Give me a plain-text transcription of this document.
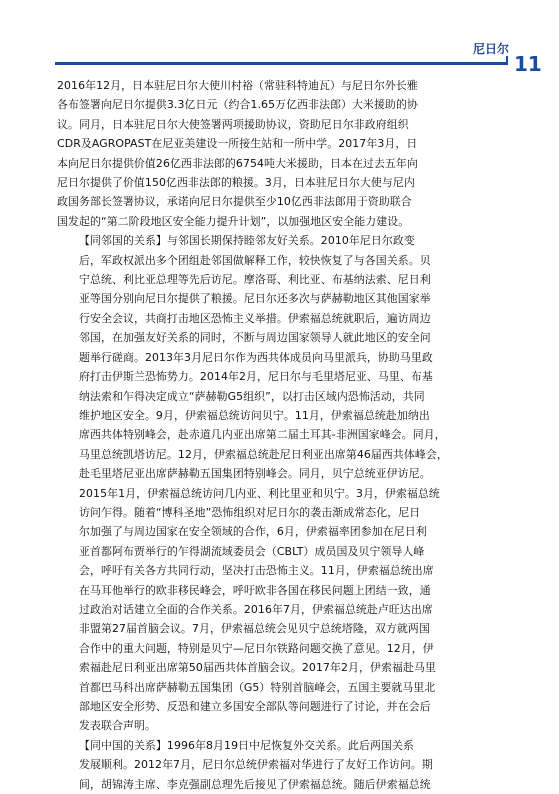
尼日尔
11

2016年12月，日本驻尼日尔大使川村裕（常驻科特迪瓦）与尼日尔外长雅
各布签署向尼日尔提供3.3亿日元（约合1.65万亿西非法郎）大米援助的协
议。同月，日本驻尼日尔大使签署两项援助协议，资助尼日尔非政府组织
CDR及AGROPAST在尼亚美建设一所接生站和一所中学。2017年3月，日
本向尼日尔提供价值26亿西非法郎的6754吨大米援助，日本在过去五年向
尼日尔提供了价值150亿西非法郎的粮援。3月，日本驻尼日尔大使与尼内
政国务部长签署协议，承诺向尼日尔提供至少10亿西非法郎用于资助联合
国发起的“第二阶段地区安全能力提升计划”，以加强地区安全能力建设。

【同邻国的关系】与邻国长期保持睦邻友好关系。2010年尼日尔政变
后，军政权派出多个团组赴邻国做解释工作，较快恢复了与各国关系。贝
宁总统、利比亚总理等先后访尼。摩洛哥、利比亚、布基纳法索、尼日利
亚等国分别向尼日尔提供了粮援。尼日尔还多次与萨赫勒地区其他国家举
行安全会议，共商打击地区恐怖主义举措。伊索福总统就职后，遍访周边
邻国，在加强友好关系的同时，不断与周边国家领导人就此地区的安全问
题举行磋商。2013年3月尼日尔作为西共体成员向马里派兵，协助马里政
府打击伊斯兰恐怖势力。2014年2月，尼日尔与毛里塔尼亚、马里、布基
纳法索和乍得决定成立“萨赫勒G5组织”，以打击区域内恐怖活动，共同
维护地区安全。9月，伊索福总统访问贝宁。11月，伊索福总统赴加纳出
席西共体特别峰会，赴赤道几内亚出席第二届土耳其-非洲国家峰会。同月，
马里总统凯塔访尼。12月，伊索福总统赴尼日利亚出席第46届西共体峰会，
赴毛里塔尼亚出席萨赫勒五国集团特别峰会。同月，贝宁总统亚伊访尼。
2015年1月，伊索福总统访问几内亚、利比里亚和贝宁。3月，伊索福总统
访问乍得。随着“博科圣地”恐怖组织对尼日尔的袭击渐成常态化，尼日
尔加强了与周边国家在安全领域的合作，6月，伊索福率团参加在尼日利
亚首都阿布贾举行的乍得湖流域委员会（CBLT）成员国及贝宁领导人峰
会，呼吁有关各方共同行动，坚决打击恐怖主义。11月，伊索福总统出席
在马耳他举行的欧非移民峰会，呼吁欧非各国在移民问题上团结一致，通
过政治对话建立全面的合作关系。2016年7月，伊索福总统赴卢旺达出席
非盟第27届首脑会议。7月，伊索福总统会见贝宁总统塔隆，双方就两国
合作中的重大问题，特别是贝宁—尼日尔铁路问题交换了意见。12月，伊
索福赴尼日利亚出席第50届西共体首脑会议。2017年2月，伊索福赴马里
首都巴马科出席萨赫勒五国集团（G5）特别首脑峰会，五国主要就马里北
部地区安全形势、反恐和建立多国安全部队等问题进行了讨论，并在会后
发表联合声明。

【同中国的关系】1996年8月19日中尼恢复外交关系。此后两国关系
发展顺利。2012年7月，尼日尔总统伊索福对华进行了友好工作访问。期
间，胡锦涛主席、李克强副总理先后接见了伊索福总统。随后伊索福总统
